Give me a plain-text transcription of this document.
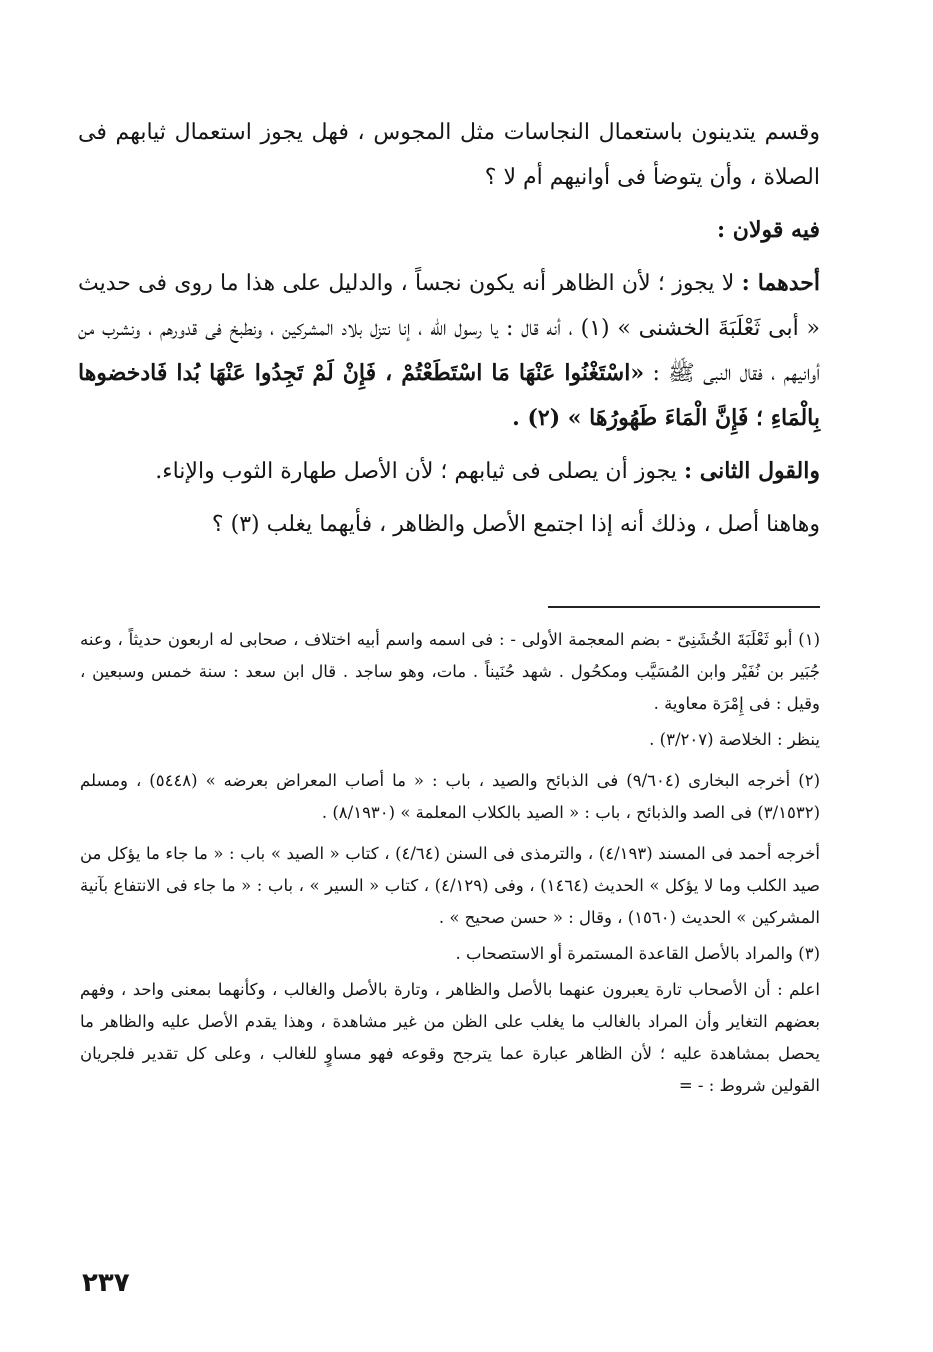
وقسم يتدينون باستعمال النجاسات مثل المجوس ، فهل يجوز استعمال ثيابهم فى الصلاة ، وأن يتوضأ فى أوانيهم أم لا ؟

فيه قولان :

أحدهما : لا يجوز ؛ لأن الظاهر أنه يكون نجساً ، والدليل على هذا ما روى فى حديث « أبى ثَعْلَبَةَ الخشنى » (١) ، أنه قال : يا رسول الله ، إنا نتزل بلاد المشركين ، ونطبخ فى قدورهم ، ونشرب من أوانيهم ، فقال النبى ﷺ : «اسْتَغْنُوا عَنْهَا مَا اسْتَطَعْتُمْ ، فَإِنْ لَمْ تَجِدُوا عَنْهَا بُدا فَادخضوها بِالْمَاءِ ؛ فَإِنَّ الْمَاءَ طَهُورُهَا » (٢) .

والقول الثانى : يجوز أن يصلى فى ثيابهم ؛ لأن الأصل طهارة الثوب والإناء.

وهاهنا أصل ، وذلك أنه إذا اجتمع الأصل والظاهر ، فأيهما يغلب (٣) ؟

(١) أبو ثَعْلَبَةَ الخُشَنِىّ - بضم المعجمة الأولى - : فى اسمه واسم أبيه اختلاف ، صحابى له اربعون حديثاً ، وعنه جُبَير بن نُفَيْر وابن المُسَيَّب ومكحُول . شهد حُنَيناً . مات، وهو ساجد . قال ابن سعد : سنة خمس وسبعين ، وقيل : فى إِمْرَة معاوية .

ينظر : الخلاصة (٣/٢٠٧) .

(٢) أخرجه البخارى (٩/٦٠٤) فى الذبائح والصيد ، باب : « ما أصاب المعراض بعرضه » (٥٤٤٨) ، ومسلم (٣/١٥٣٢) فى الصد والذبائح ، باب : « الصيد بالكلاب المعلمة » (٨/١٩٣٠) .

أخرجه أحمد فى المسند (٤/١٩٣) ، والترمذى فى السنن (٤/٦٤) ، كتاب « الصيد » باب : « ما جاء ما يؤكل من صيد الكلب وما لا يؤكل » الحديث (١٤٦٤) ، وفى (٤/١٢٩) ، كتاب « السير » ، باب : « ما جاء فى الانتفاع بآنية المشركين » الحديث (١٥٦٠) ، وقال : « حسن صحيح » .

(٣) والمراد بالأصل القاعدة المستمرة أو الاستصحاب .

اعلم : أن الأصحاب تارة يعبرون عنهما بالأصل والظاهر ، وتارة بالأصل والغالب ، وكأنهما بمعنى واحد ، وفهم بعضهم التغاير وأن المراد بالغالب ما يغلب على الظن من غير مشاهدة ، وهذا يقدم الأصل عليه والظاهر ما يحصل بمشاهدة عليه ؛ لأن الظاهر عبارة عما يترجح وقوعه فهو مساوٍ للغالب ، وعلى كل تقدير فلجريان القولين شروط : - =

٢٣٧
